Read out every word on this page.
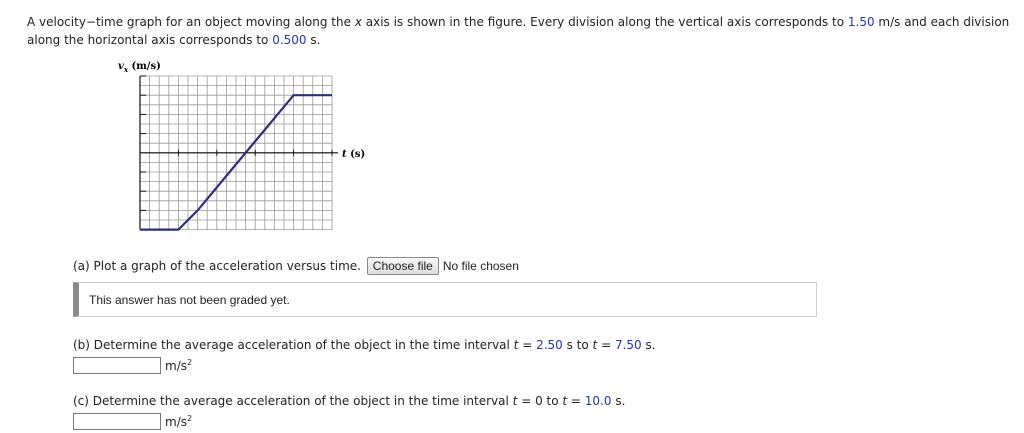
A velocity−time graph for an object moving along the x axis is shown in the figure. Every division along the vertical axis corresponds to 1.50 m/s and each division along the horizontal axis corresponds to 0.500 s.
$v_x$ (m/s)
t (s)
(a) Plot a graph of the acceleration versus time. Choose file No file chosen
This answer has not been graded yet.
(b) Determine the average acceleration of the object in the time interval t = 2.50 s to t = 7.50 s.
$m/s^2$
(c) Determine the average acceleration of the object in the time interval t = 0 to t = 10.0 s.
$m/s^2$
